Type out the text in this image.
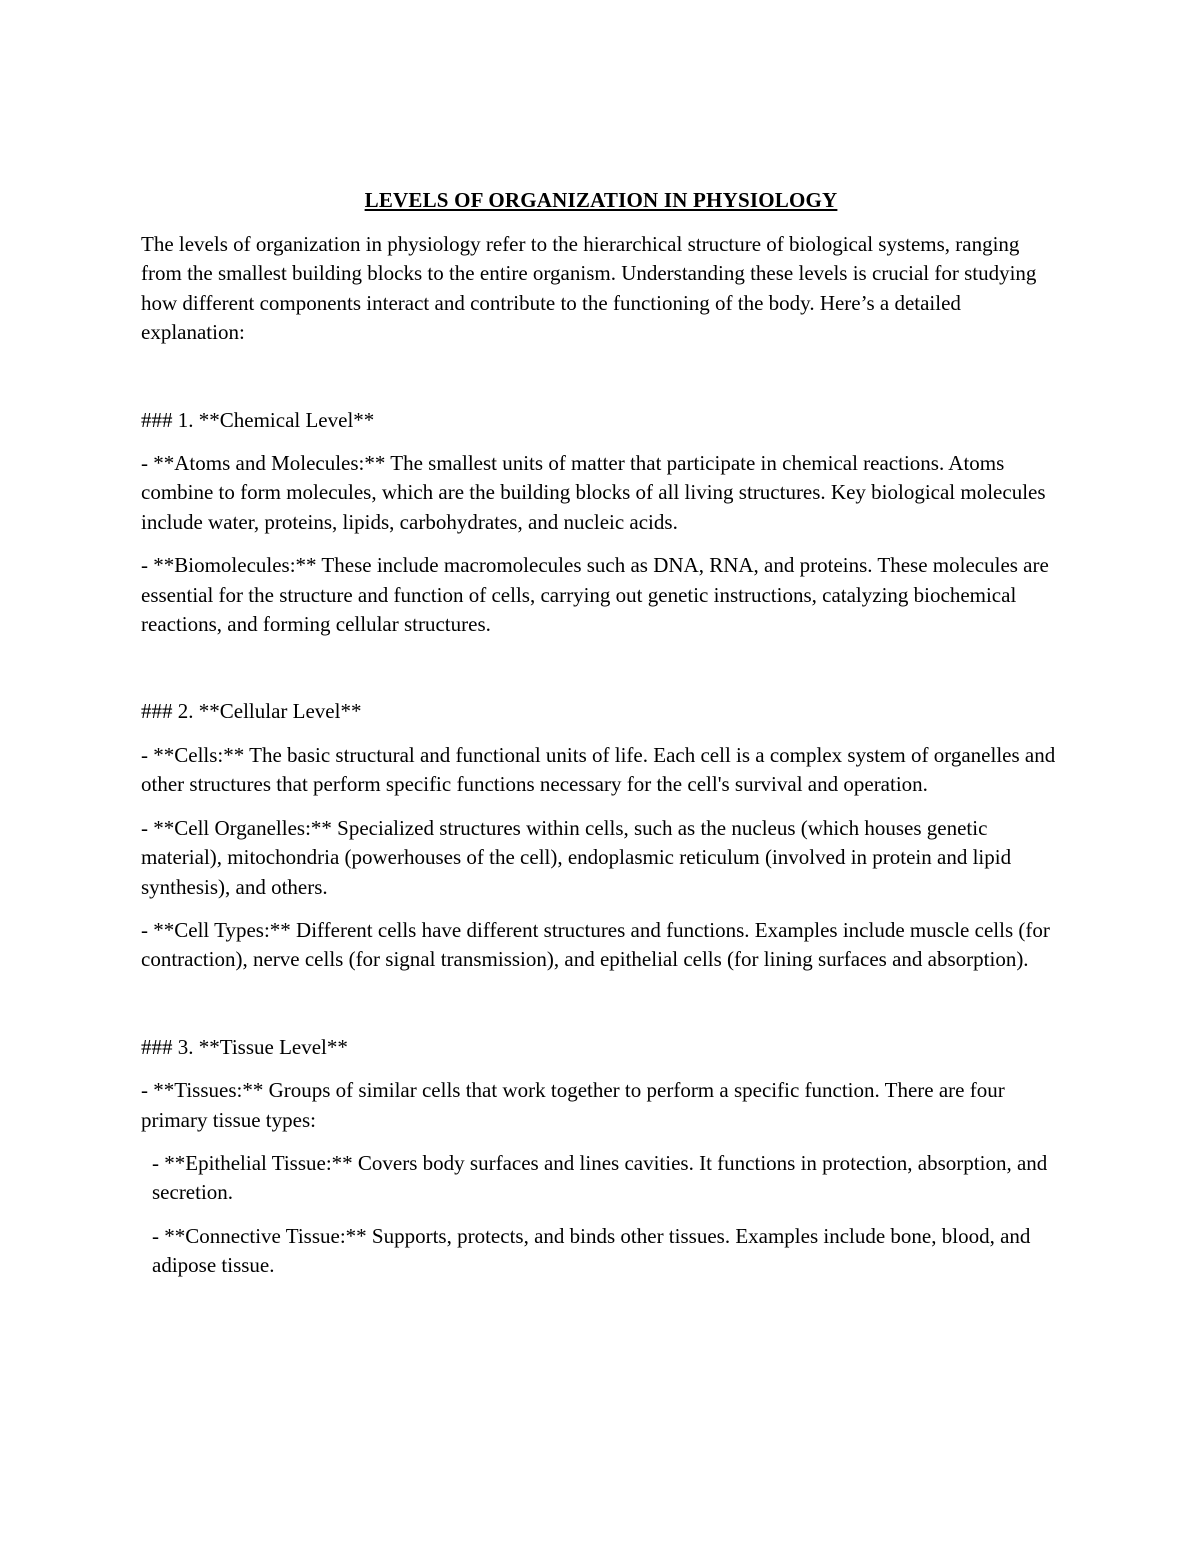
LEVELS OF ORGANIZATION IN PHYSIOLOGY

The levels of organization in physiology refer to the hierarchical structure of biological systems, ranging from the smallest building blocks to the entire organism. Understanding these levels is crucial for studying how different components interact and contribute to the functioning of the body. Here’s a detailed explanation:

### 1. **Chemical Level**

- **Atoms and Molecules:** The smallest units of matter that participate in chemical reactions. Atoms combine to form molecules, which are the building blocks of all living structures. Key biological molecules include water, proteins, lipids, carbohydrates, and nucleic acids.

- **Biomolecules:** These include macromolecules such as DNA, RNA, and proteins. These molecules are essential for the structure and function of cells, carrying out genetic instructions, catalyzing biochemical reactions, and forming cellular structures.

### 2. **Cellular Level**

- **Cells:** The basic structural and functional units of life. Each cell is a complex system of organelles and other structures that perform specific functions necessary for the cell's survival and operation.

- **Cell Organelles:** Specialized structures within cells, such as the nucleus (which houses genetic material), mitochondria (powerhouses of the cell), endoplasmic reticulum (involved in protein and lipid synthesis), and others.

- **Cell Types:** Different cells have different structures and functions. Examples include muscle cells (for contraction), nerve cells (for signal transmission), and epithelial cells (for lining surfaces and absorption).

### 3. **Tissue Level**

- **Tissues:** Groups of similar cells that work together to perform a specific function. There are four primary tissue types:

- **Epithelial Tissue:** Covers body surfaces and lines cavities. It functions in protection, absorption, and secretion.

- **Connective Tissue:** Supports, protects, and binds other tissues. Examples include bone, blood, and adipose tissue.
